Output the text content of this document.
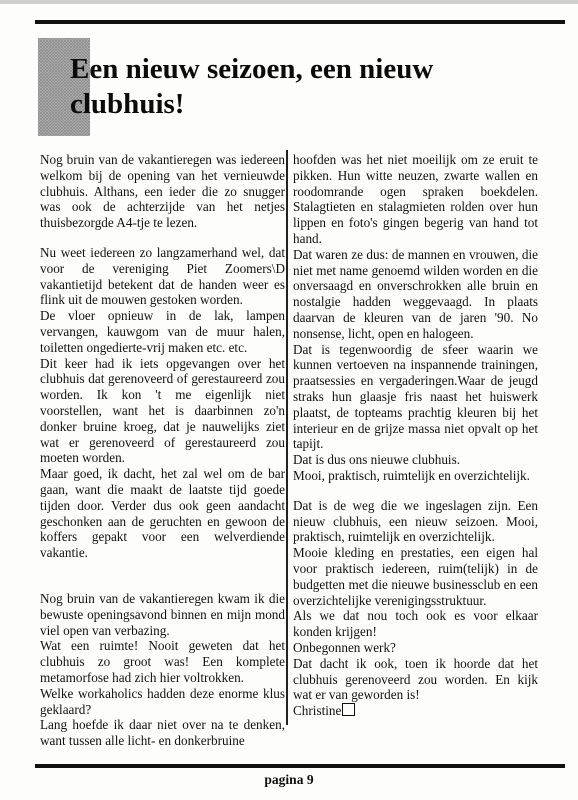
Een nieuw seizoen, een nieuw clubhuis!

Nog bruin van de vakantieregen was iedereen welkom bij de opening van het vernieuwde clubhuis. Althans, een ieder die zo snugger was ook de achterzijde van het netjes thuisbezorgde A4-tje te lezen.

Nu weet iedereen zo langzamerhand wel, dat voor de vereniging Piet Zoomers\D vakantietijd betekent dat de handen weer es flink uit de mouwen gestoken worden.

De vloer opnieuw in de lak, lampen vervangen, kauwgom van de muur halen, toiletten ongedierte-vrij maken etc. etc.

Dit keer had ik iets opgevangen over het clubhuis dat gerenoveerd of gerestaureerd zou worden. Ik kon 't me eigenlijk niet voorstellen, want het is daarbinnen zo'n donker bruine kroeg, dat je nauwelijks ziet wat er gerenoveerd of gerestaureerd zou moeten worden.

Maar goed, ik dacht, het zal wel om de bar gaan, want die maakt de laatste tijd goede tijden door. Verder dus ook geen aandacht geschonken aan de geruchten en gewoon de koffers gepakt voor een welverdiende vakantie.

Nog bruin van de vakantieregen kwam ik die bewuste openingsavond binnen en mijn mond viel open van verbazing.

Wat een ruimte! Nooit geweten dat het clubhuis zo groot was! Een komplete metamorfose had zich hier voltrokken.

Welke workaholics hadden deze enorme klus geklaard?

Lang hoefde ik daar niet over na te denken, want tussen alle licht- en donkerbruine

hoofden was het niet moeilijk om ze eruit te pikken. Hun witte neuzen, zwarte wallen en roodomrande ogen spraken boekdelen. Stalagtieten en stalagmieten rolden over hun lippen en foto's gingen begerig van hand tot hand.

Dat waren ze dus: de mannen en vrouwen, die niet met name genoemd wilden worden en die onversaagd en onverschrokken alle bruin en nostalgie hadden weggevaagd. In plaats daarvan de kleuren van de jaren '90. No nonsense, licht, open en halogeen.

Dat is tegenwoordig de sfeer waarin we kunnen vertoeven na inspannende trainingen, praatsessies en vergaderingen.Waar de jeugd straks hun glaasje fris naast het huiswerk plaatst, de topteams prachtig kleuren bij het interieur en de grijze massa niet opvalt op het tapijt.

Dat is dus ons nieuwe clubhuis.

Mooi, praktisch, ruimtelijk en overzichtelijk.

Dat is de weg die we ingeslagen zijn. Een nieuw clubhuis, een nieuw seizoen. Mooi, praktisch, ruimtelijk en overzichtelijk.

Mooie kleding en prestaties, een eigen hal voor praktisch iedereen, ruim(telijk) in de budgetten met die nieuwe businessclub en een overzichtelijke verenigingsstruktuur.

Als we dat nou toch ook es voor elkaar konden krijgen!

Onbegonnen werk?

Dat dacht ik ook, toen ik hoorde dat het clubhuis gerenoveerd zou worden. En kijk wat er van geworden is!

Christine

pagina 9
